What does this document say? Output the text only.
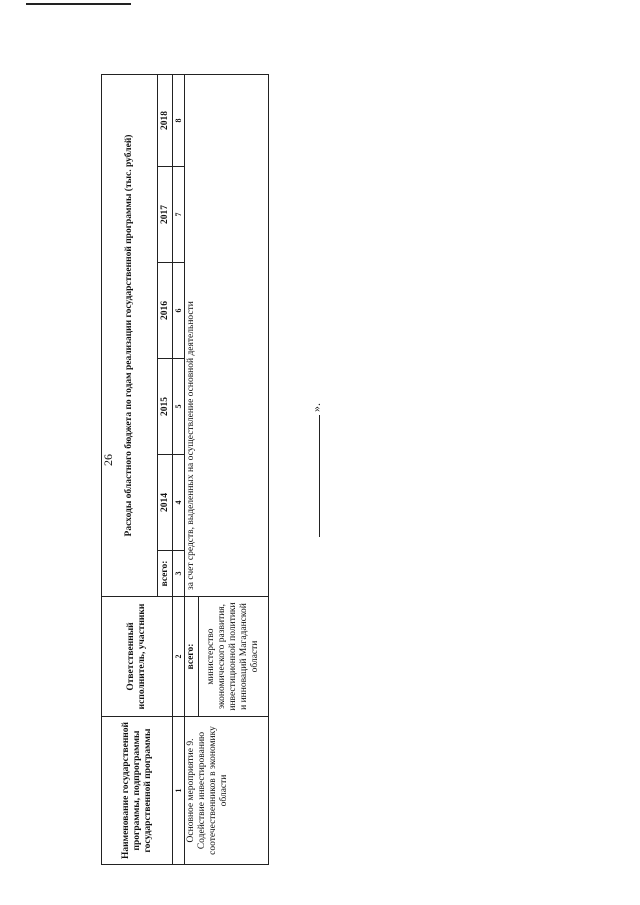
26
Наименование государственной программы, подпрограммы государственной программы	Ответственный исполнитель, участники	Расходы областного бюджета по годам реализации государственной программы (тыс. рублей)					
		всего:	2014	2015	2016	2017	2018
1	2	3	4	5	6	7	8
Основное мероприятие 9. Содействие инвестированию соотечественников в экономику области	всего:	за счет средств, выделенных на осуществление основной деятельности					
	министерство экономического развития, инвестиционной политики и инноваций Магаданской области						
».
